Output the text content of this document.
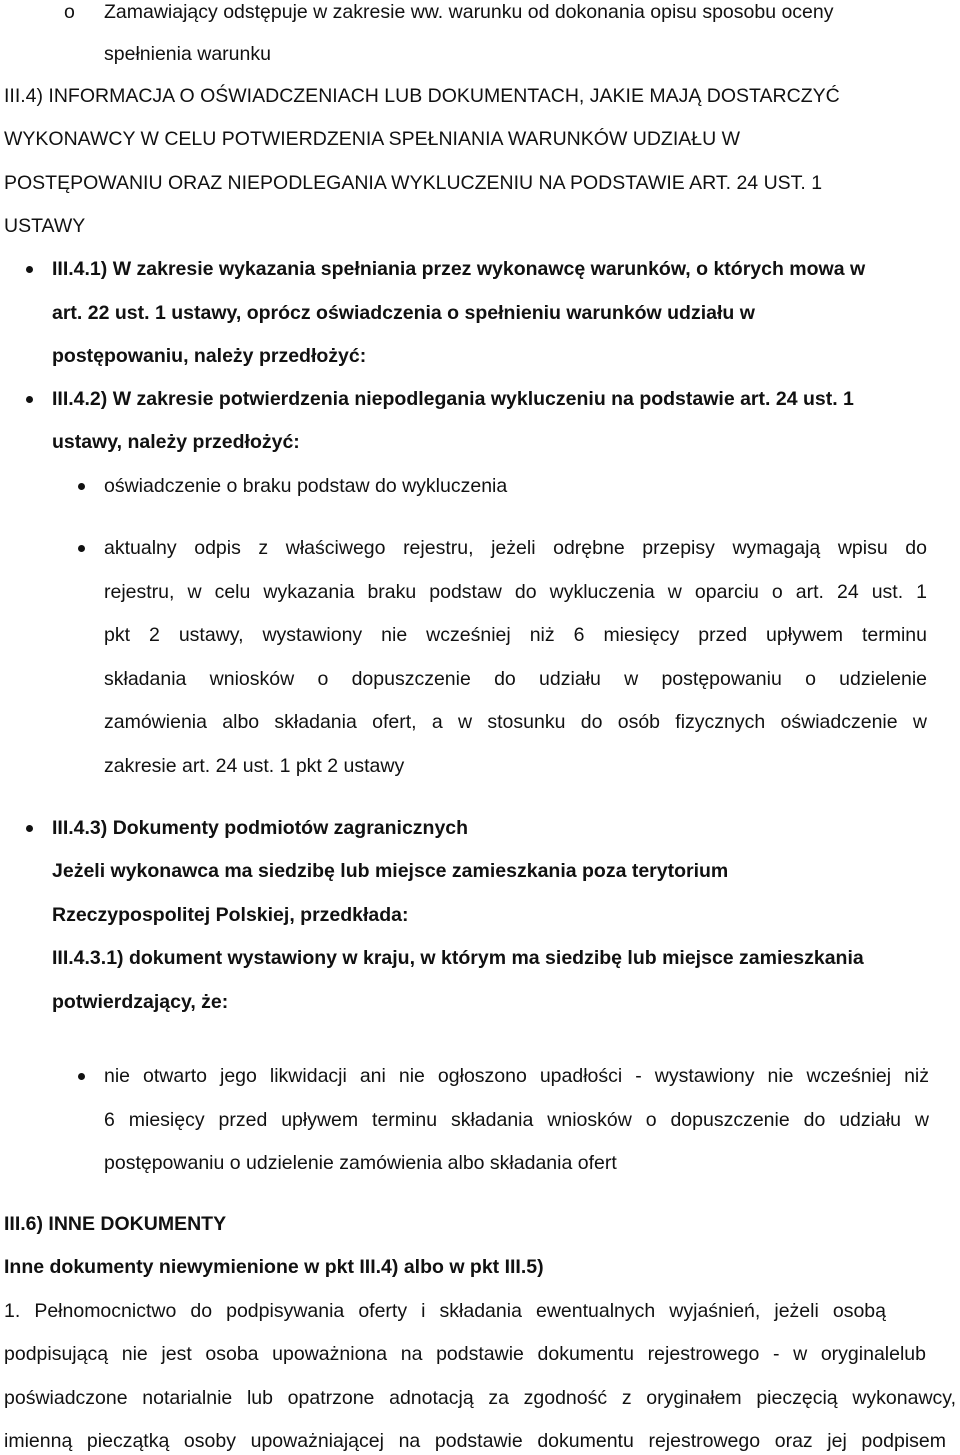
o Zamawiający odstępuje w zakresie ww. warunku od dokonania opisu sposobu oceny
spełnienia warunku
III.4) INFORMACJA O OŚWIADCZENIACH LUB DOKUMENTACH, JAKIE MAJĄ DOSTARCZYĆ
WYKONAWCY W CELU POTWIERDZENIA SPEŁNIANIA WARUNKÓW UDZIAŁU W
POSTĘPOWANIU ORAZ NIEPODLEGANIA WYKLUCZENIU NA PODSTAWIE ART. 24 UST. 1
USTAWY
III.4.1) W zakresie wykazania spełniania przez wykonawcę warunków, o których mowa w
art. 22 ust. 1 ustawy, oprócz oświadczenia o spełnieniu warunków udziału w
postępowaniu, należy przedłożyć:
III.4.2) W zakresie potwierdzenia niepodlegania wykluczeniu na podstawie art. 24 ust. 1
ustawy, należy przedłożyć:
oświadczenie o braku podstaw do wykluczenia
aktualny odpis z właściwego rejestru, jeżeli odrębne przepisy wymagają wpisu do
rejestru, w celu wykazania braku podstaw do wykluczenia w oparciu o art. 24 ust. 1
pkt 2 ustawy, wystawiony nie wcześniej niż 6 miesięcy przed upływem terminu
składania wniosków o dopuszczenie do udziału w postępowaniu o udzielenie
zamówienia albo składania ofert, a w stosunku do osób fizycznych oświadczenie w
zakresie art. 24 ust. 1 pkt 2 ustawy
III.4.3) Dokumenty podmiotów zagranicznych
Jeżeli wykonawca ma siedzibę lub miejsce zamieszkania poza terytorium
Rzeczypospolitej Polskiej, przedkłada:
III.4.3.1) dokument wystawiony w kraju, w którym ma siedzibę lub miejsce zamieszkania
potwierdzający, że:
nie otwarto jego likwidacji ani nie ogłoszono upadłości - wystawiony nie wcześniej niż
6 miesięcy przed upływem terminu składania wniosków o dopuszczenie do udziału w
postępowaniu o udzielenie zamówienia albo składania ofert
III.6) INNE DOKUMENTY
Inne dokumenty niewymienione w pkt III.4) albo w pkt III.5)
1. Pełnomocnictwo do podpisywania oferty i składania ewentualnych wyjaśnień, jeżeli osobą
podpisującą nie jest osoba upoważniona na podstawie dokumentu rejestrowego - w oryginalelub
poświadczone notarialnie lub opatrzone adnotacją za zgodność z oryginałem pieczęcią wykonawcy,
imienną pieczątką osoby upoważniającej na podstawie dokumentu rejestrowego oraz jej podpisem
